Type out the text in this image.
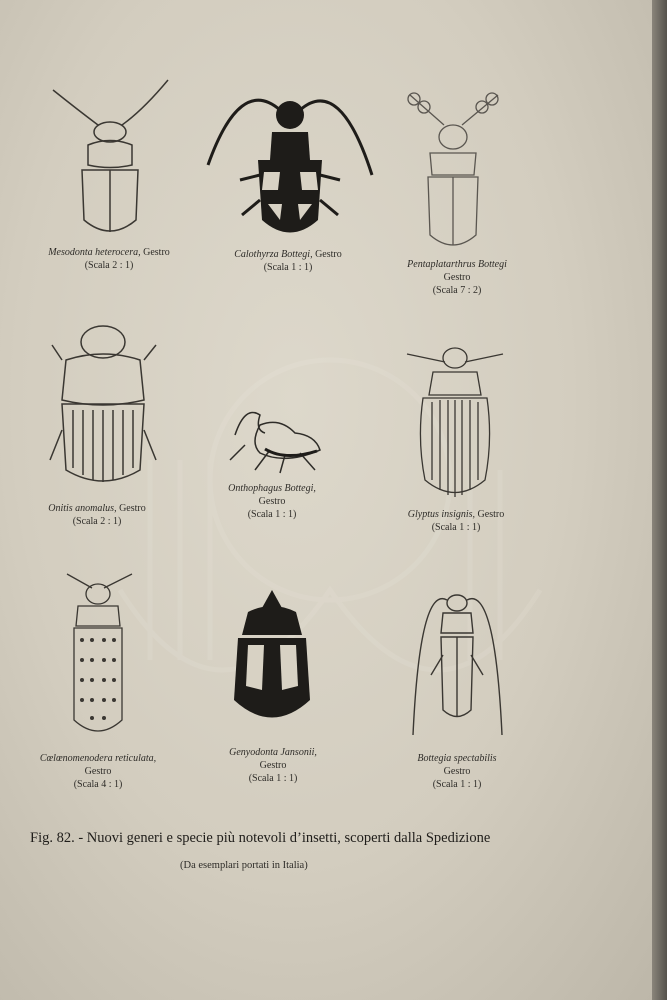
Mesodonta heterocera, Gestro
(Scala 2 : 1)
Calothyrza Bottegi, Gestro
(Scala 1 : 1)	Pentaplatarthrus Bottegi
Gestro
(Scala 7 : 2)
Onitis anomalus, Gestro
(Scala 2 : 1)
Onthophagus Bottegi,
Gestro
(Scala 1 : 1)	Glyptus insignis, Gestro
(Scala 1 : 1)
Cœlœnomenodera reticulata,
Gestro
(Scala 4 : 1)
Genyodonta Jansonii,
Gestro
(Scala 1 : 1)
Bottegia spectabilis
Gestro
(Scala 1 : 1)
Fig. 82. - Nuovi generi e specie più notevoli d’insetti, scoperti dalla Spedizione
(Da esemplari portati in Italia)
